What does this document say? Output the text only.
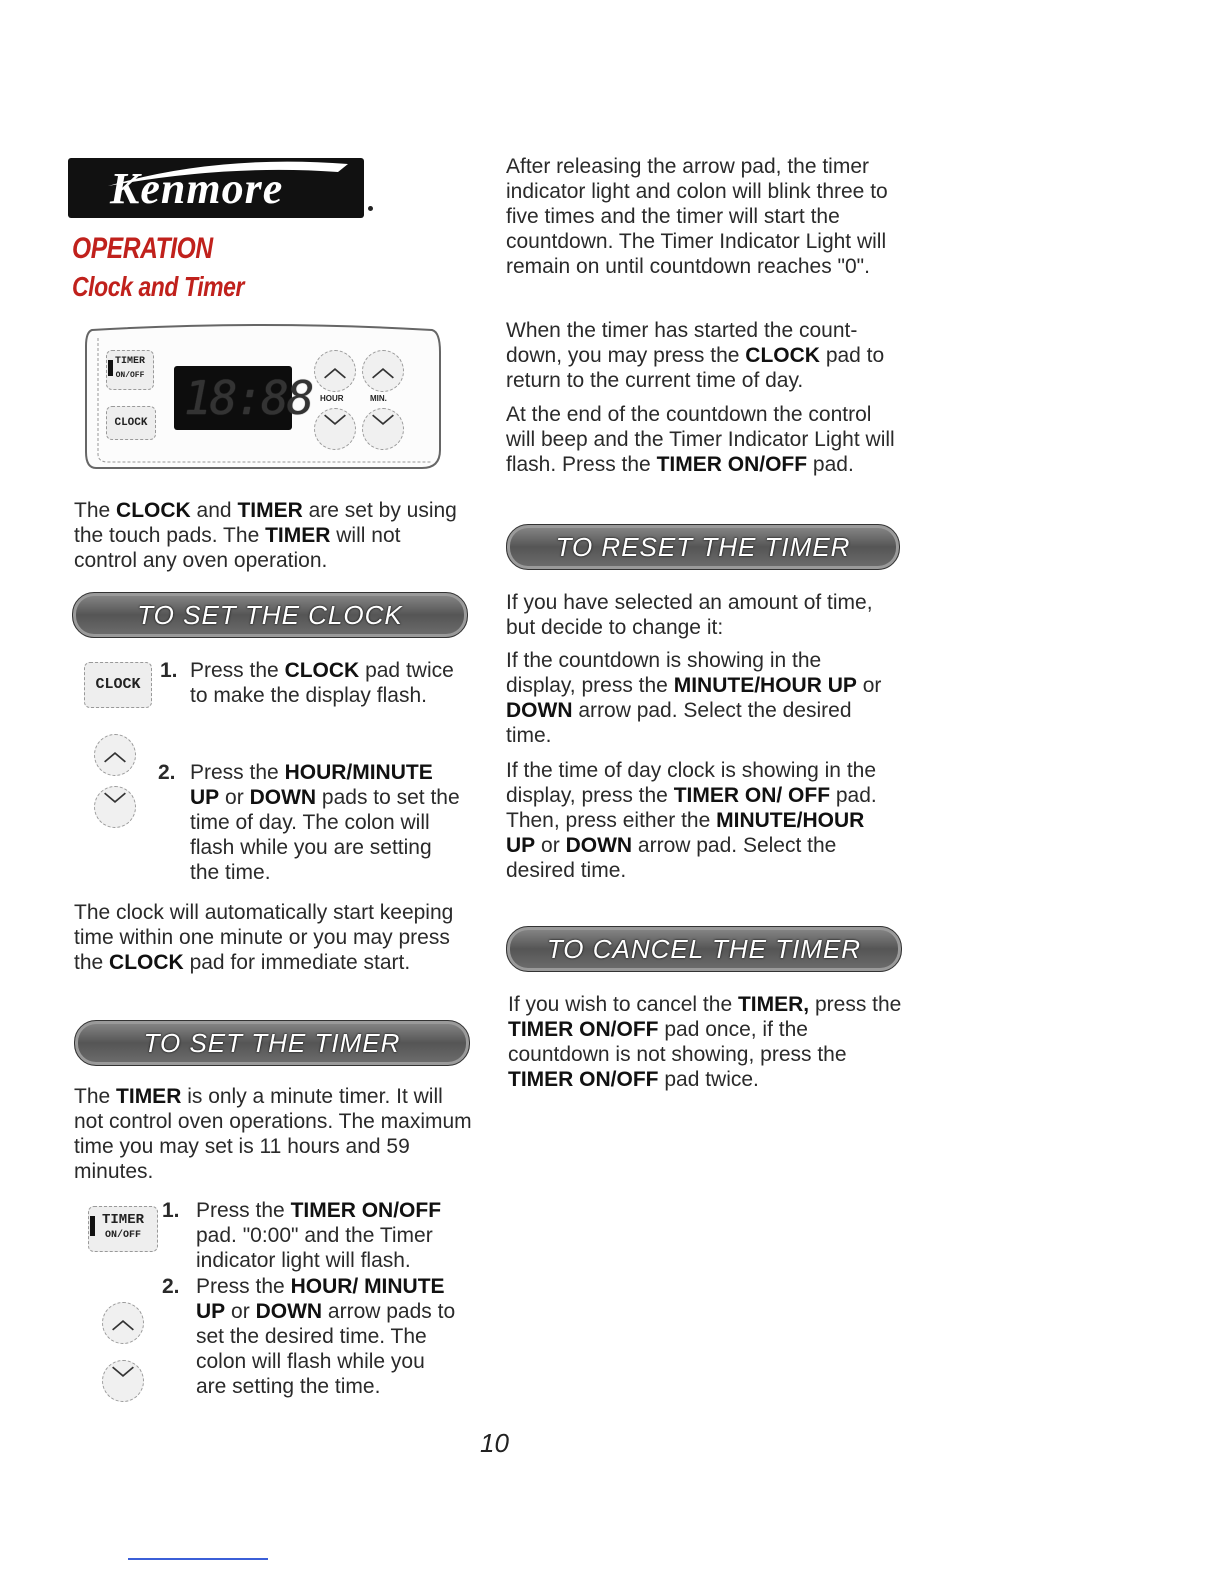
Kenmore
OPERATION
Clock and Timer
TIMER
ON/OFF
CLOCK 18:88
︿	︿
HOUR	MIN.
﹀	﹀

The CLOCK and TIMER are set by using the touch pads. The TIMER will not control any oven operation.

TO SET THE CLOCK
CLOCK
1. Press the CLOCK pad twice to make the display flash.

︿
﹀
2. Press the HOUR/MINUTE UP or DOWN pads to set the time of day. The colon will flash while you are setting the time.

The clock will automatically start keeping time within one minute or you may press the CLOCK pad for immediate start.

TO SET THE TIMER

The TIMER is only a minute timer. It will not control oven operations. The maximum time you may set is 11 hours and 59 minutes.

TIMER
ON/OFF
1. Press the TIMER ON/OFF pad. "0:00" and the Timer indicator light will flash.

︿
﹀
2. Press the HOUR/ MINUTE UP or DOWN arrow pads to set the desired time. The colon will flash while you are setting the time.

After releasing the arrow pad, the timer indicator light and colon will blink three to five times and the timer will start the countdown. The Timer Indicator Light will remain on until countdown reaches "0".

When the timer has started the count-down, you may press the CLOCK pad to return to the current time of day.

At the end of the countdown the control will beep and the Timer Indicator Light will flash. Press the TIMER ON/OFF pad.

TO RESET THE TIMER

If you have selected an amount of time, but decide to change it:

If the countdown is showing in the display, press the MINUTE/HOUR UP or DOWN arrow pad. Select the desired time.

If the time of day clock is showing in the display, press the TIMER ON/ OFF pad. Then, press either the MINUTE/HOUR UP or DOWN arrow pad. Select the desired time.

TO CANCEL THE TIMER

If you wish to cancel the TIMER, press the TIMER ON/OFF pad once, if the countdown is not showing, press the TIMER ON/OFF pad twice.

10
